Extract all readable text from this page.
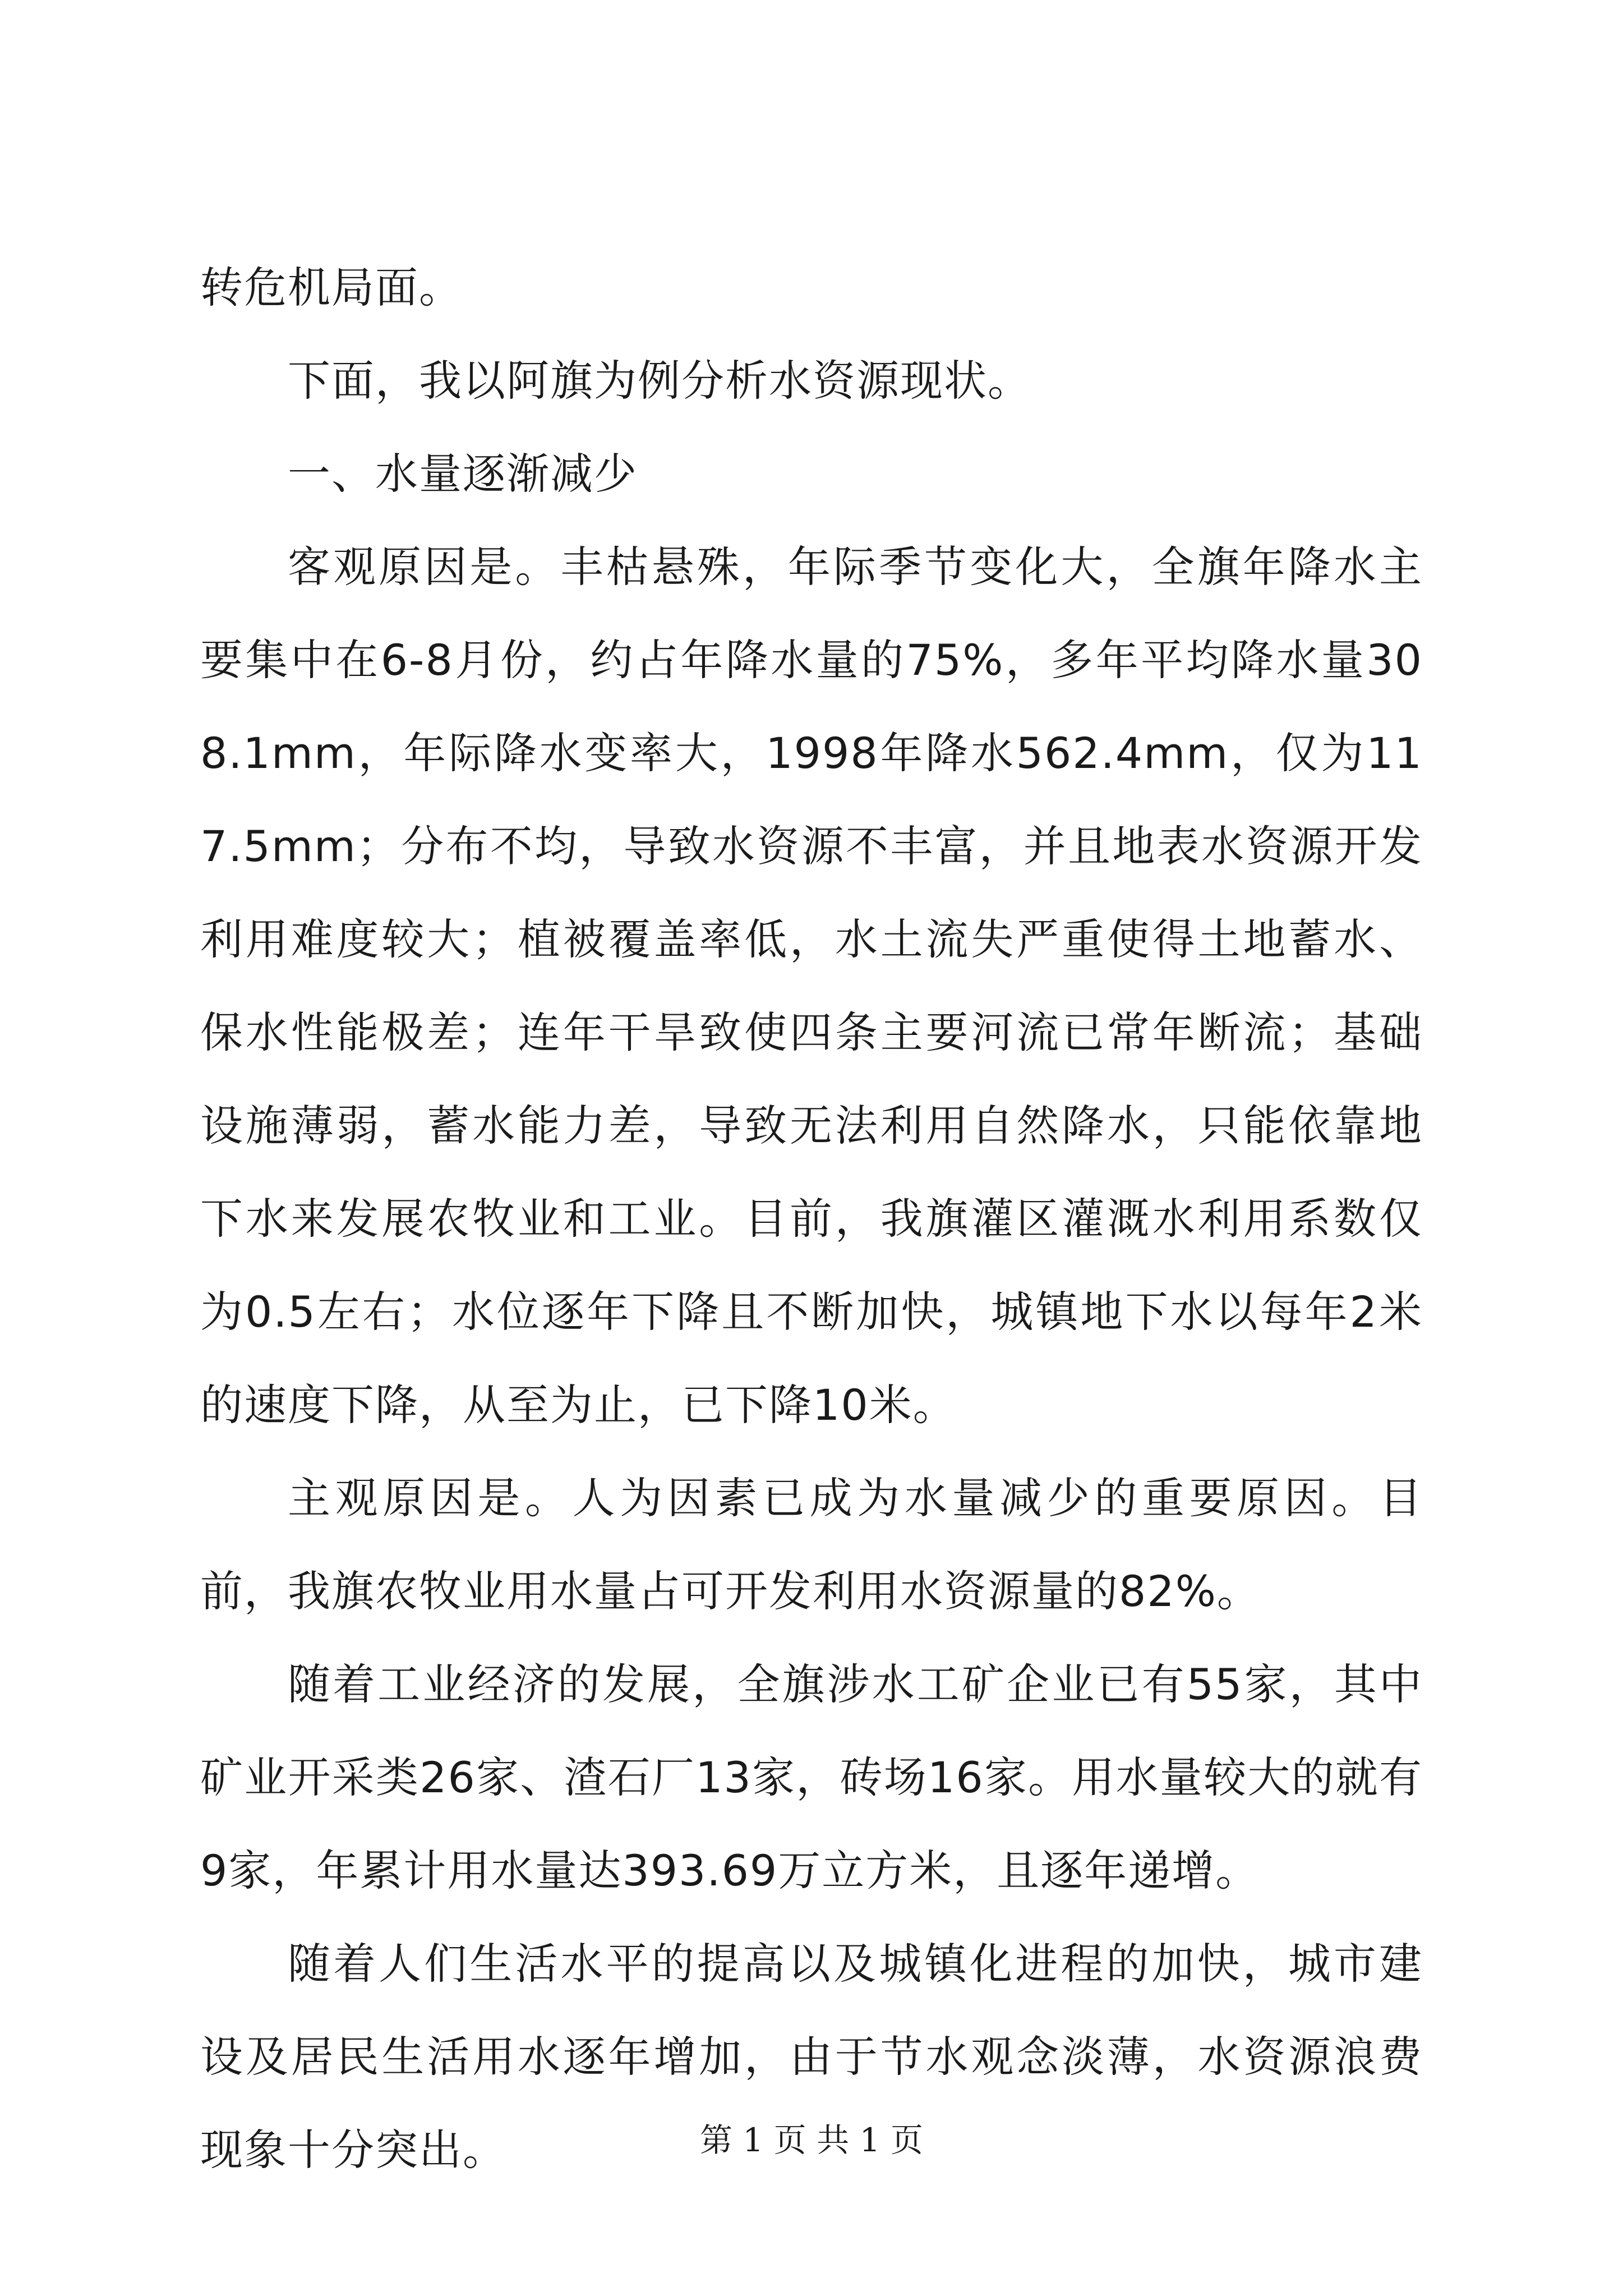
转危机局面。

下面，我以阿旗为例分析水资源现状。

一、水量逐渐减少

客观原因是。丰枯悬殊，年际季节变化大，全旗年降水主要集中在6-8月份，约占年降水量的75%，多年平均降水量308.1mm，年际降水变率大，1998年降水562.4mm，仅为117.5mm；分布不均，导致水资源不丰富，并且地表水资源开发利用难度较大；植被覆盖率低，水土流失严重使得土地蓄水、保水性能极差；连年干旱致使四条主要河流已常年断流；基础设施薄弱，蓄水能力差，导致无法利用自然降水，只能依靠地下水来发展农牧业和工业。目前，我旗灌区灌溉水利用系数仅为0.5左右；水位逐年下降且不断加快，城镇地下水以每年2米的速度下降，从至为止，已下降10米。

主观原因是。人为因素已成为水量减少的重要原因。目前，我旗农牧业用水量占可开发利用水资源量的82%。

随着工业经济的发展，全旗涉水工矿企业已有55家，其中矿业开采类26家、渣石厂13家，砖场16家。用水量较大的就有9家，年累计用水量达393.69万立方米，且逐年递增。

随着人们生活水平的提高以及城镇化进程的加快，城市建设及居民生活用水逐年增加，由于节水观念淡薄，水资源浪费现象十分突出。	第 1 页 共 1 页
